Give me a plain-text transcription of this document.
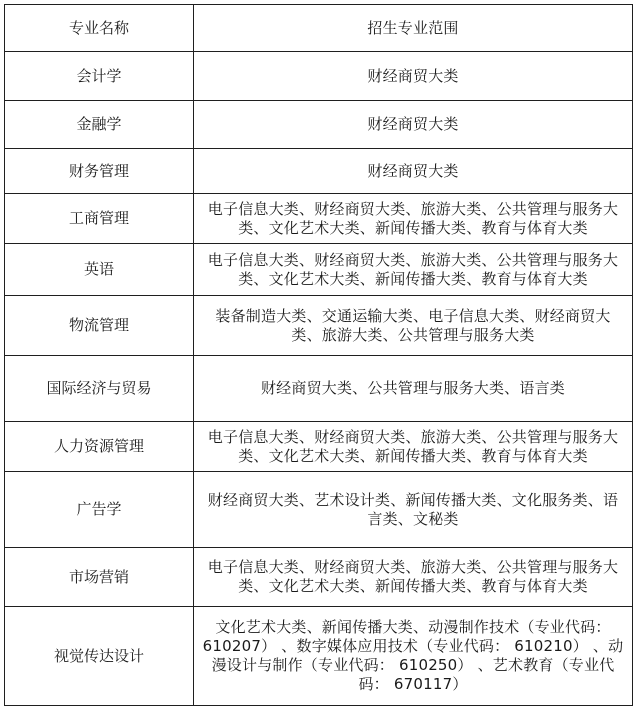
专业名称	招生专业范围
会计学	财经商贸大类
金融学	财经商贸大类
财务管理	财经商贸大类
工商管理	电子信息大类、财经商贸大类、旅游大类、公共管理与服务大类、文化艺术大类、新闻传播大类、教育与体育大类
英语	电子信息大类、财经商贸大类、旅游大类、公共管理与服务大类、文化艺术大类、新闻传播大类、教育与体育大类
物流管理	装备制造大类、交通运输大类、电子信息大类、财经商贸大类、旅游大类、公共管理与服务大类
国际经济与贸易	财经商贸大类、公共管理与服务大类、语言类
人力资源管理	电子信息大类、财经商贸大类、旅游大类、公共管理与服务大类、文化艺术大类、新闻传播大类、教育与体育大类
广告学	财经商贸大类、艺术设计类、新闻传播大类、文化服务类、语言类、文秘类
市场营销	电子信息大类、财经商贸大类、旅游大类、公共管理与服务大类、文化艺术大类、新闻传播大类、教育与体育大类
视觉传达设计	文化艺术大类、新闻传播大类、动漫制作技术（专业代码： 610207） 、数字媒体应用技术（专业代码： 610210） 、动漫设计与制作（专业代码： 610250） 、艺术教育（专业代码： 670117）
